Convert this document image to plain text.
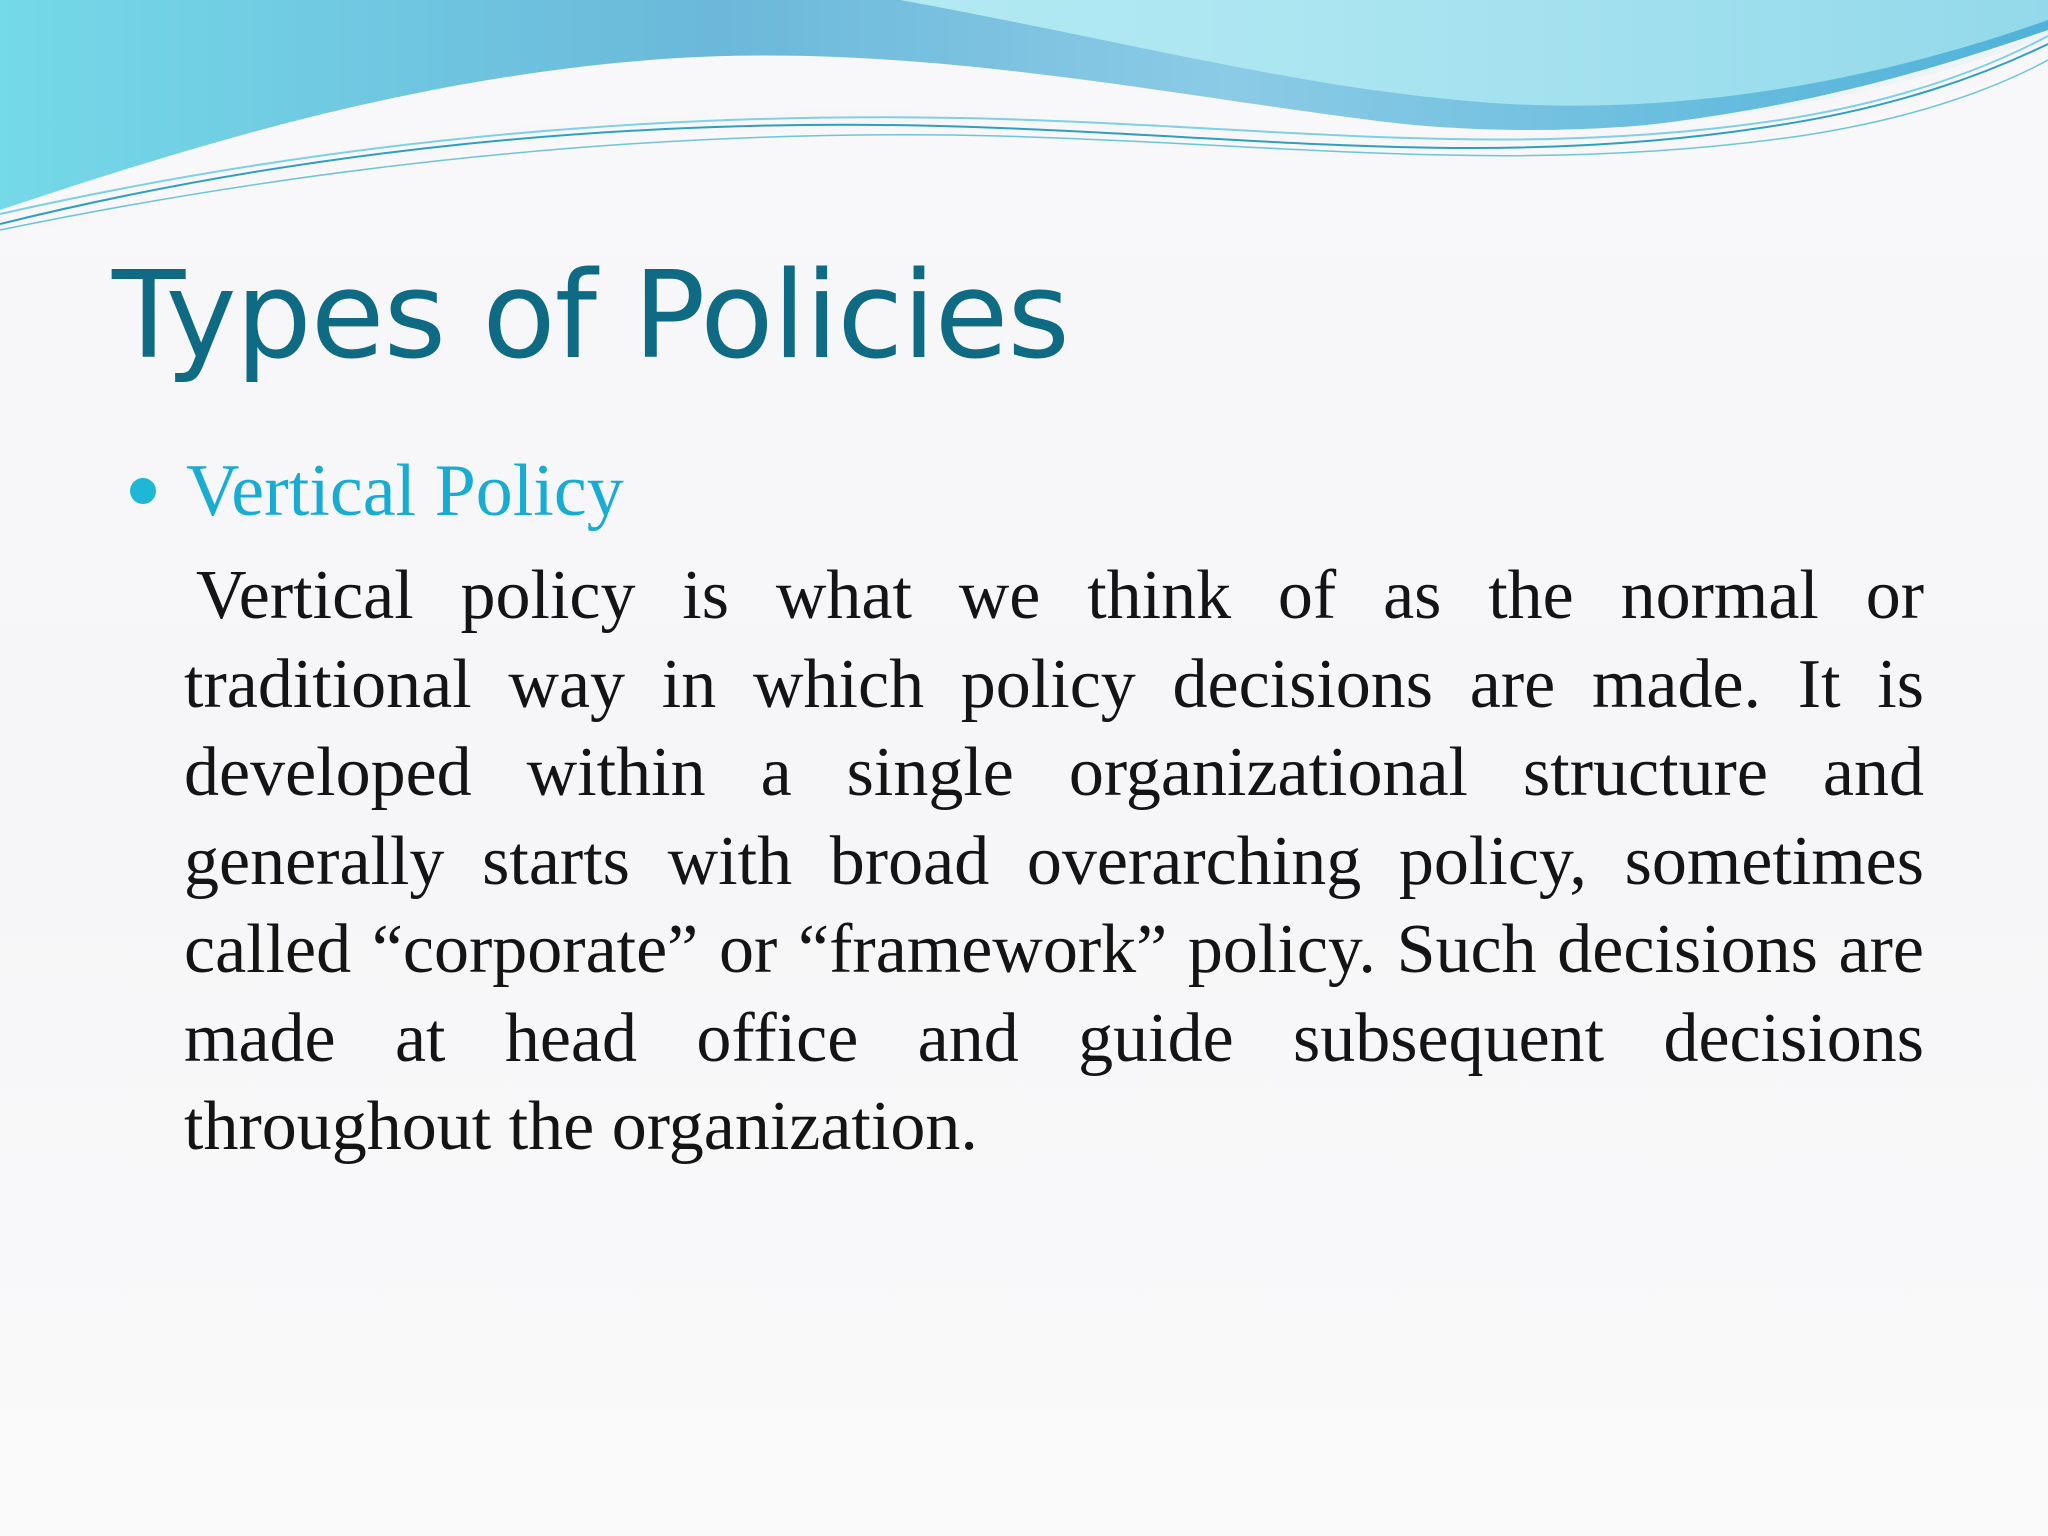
Types of Policies
Vertical Policy

Vertical policy is what we think of as the normal or traditional way in which policy decisions are made. It is developed within a single organizational structure and generally starts with broad overarching policy, sometimes called “corporate” or “framework” policy. Such decisions are made at head office and guide subsequent decisions throughout the organization.
